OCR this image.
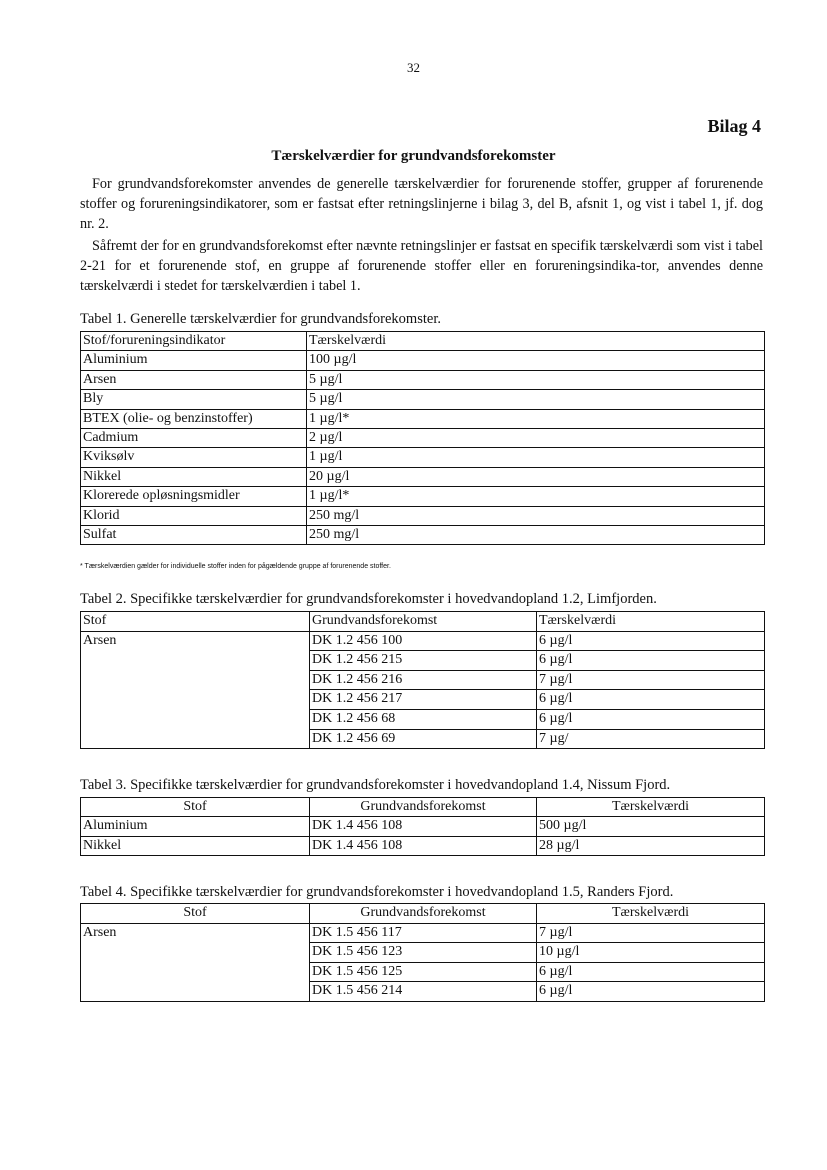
32
Bilag 4
Tærskelværdier for grundvandsforekomster
For grundvandsforekomster anvendes de generelle tærskelværdier for forurenende stoffer, grupper af forurenende stoffer og forureningsindikatorer, som er fastsat efter retningslinjerne i bilag 3, del B, afsnit 1, og vist i tabel 1, jf. dog nr. 2.
Såfremt der for en grundvandsforekomst efter nævnte retningslinjer er fastsat en specifik tærskelværdi som vist i tabel 2-21 for et forurenende stof, en gruppe af forurenende stoffer eller en forureningsindika-tor, anvendes denne tærskelværdi i stedet for tærskelværdien i tabel 1.
Tabel 1. Generelle tærskelværdier for grundvandsforekomster.
Stof/forureningsindikator	Tærskelværdi
Aluminium	100 µg/l
Arsen	5 µg/l
Bly	5 µg/l
BTEX (olie- og benzinstoffer)	1 µg/l*
Cadmium	2 µg/l
Kviksølv	1 µg/l
Nikkel	20 µg/l
Klorerede opløsningsmidler	1 µg/l*
Klorid	250 mg/l
Sulfat	250 mg/l
* Tærskelværdien gælder for individuelle stoffer inden for pågældende gruppe af forurenende stoffer.
Tabel 2. Specifikke tærskelværdier for grundvandsforekomster i hovedvandopland 1.2, Limfjorden.
Stof	Grundvandsforekomst	Tærskelværdi
Arsen	DK 1.2 456 100	6 µg/l
	DK 1.2 456 215	6 µg/l
	DK 1.2 456 216	7 µg/l
	DK 1.2 456 217	6 µg/l
	DK 1.2 456 68	6 µg/l
	DK 1.2 456 69	7 µg/
Tabel 3. Specifikke tærskelværdier for grundvandsforekomster i hovedvandopland 1.4, Nissum Fjord.
Stof	Grundvandsforekomst	Tærskelværdi
Aluminium	DK 1.4 456 108	500 µg/l
Nikkel	DK 1.4 456 108	28 µg/l
Tabel 4. Specifikke tærskelværdier for grundvandsforekomster i hovedvandopland 1.5, Randers Fjord.
Stof	Grundvandsforekomst	Tærskelværdi
Arsen	DK 1.5 456 117	7 µg/l
	DK 1.5 456 123	10 µg/l
	DK 1.5 456 125	6 µg/l
	DK 1.5 456 214	6 µg/l
